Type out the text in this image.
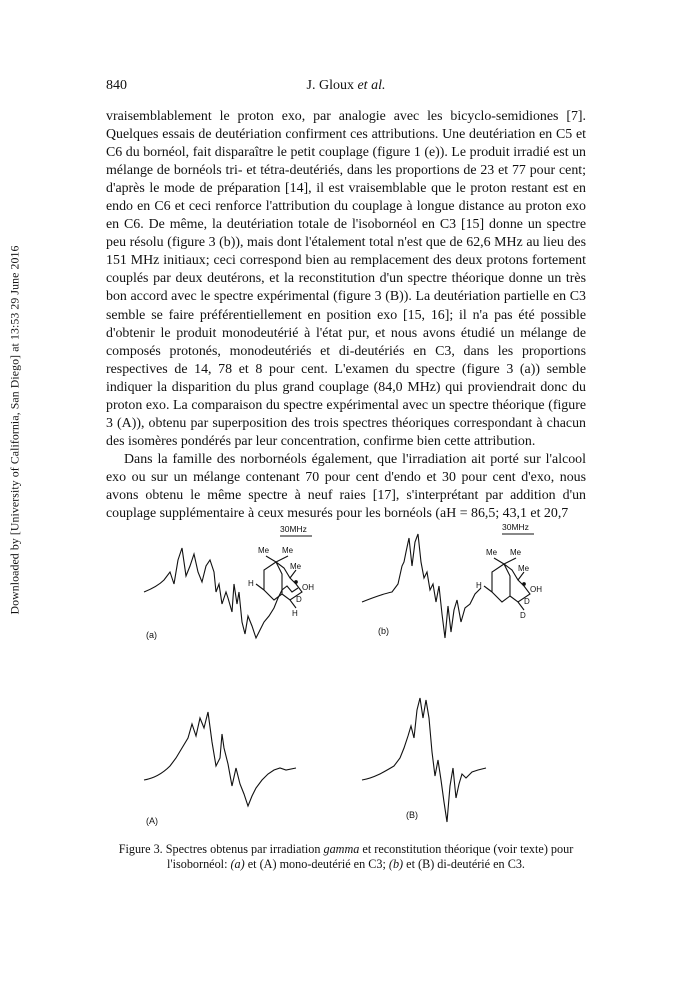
Downloaded by [University of California, San Diego] at 13:53 29 June 2016
840	J. Gloux et al.

vraisemblablement le proton exo, par analogie avec les bicyclo-semidiones [7]. Quelques essais de deutériation confirment ces attributions. Une deutériation en C5 et C6 du bornéol, fait disparaître le petit couplage (figure 1 (e)). Le produit irradié est un mélange de bornéols tri- et tétra-deutériés, dans les proportions de 23 et 77 pour cent; d'après le mode de préparation [14], il est vraisemblable que le proton restant est en endo en C6 et ceci renforce l'attribution du couplage à longue distance au proton exo en C6. De même, la deutériation totale de l'isobornéol en C3 [15] donne un spectre peu résolu (figure 3 (b)), mais dont l'étalement total n'est que de 62,6 MHz au lieu des 151 MHz initiaux; ceci correspond bien au remplacement des deux protons fortement couplés par deux deutérons, et la reconstitution d'un spectre théorique donne un très bon accord avec le spectre expérimental (figure 3 (B)). La deutériation partielle en C3 semble se faire préférentiellement en position exo [15, 16]; il n'a pas été possible d'obtenir le produit monodeutérié à l'état pur, et nous avons étudié un mélange de composés protonés, monodeutériés et di-deutériés en C3, dans les proportions respectives de 14, 78 et 8 pour cent. L'examen du spectre (figure 3 (a)) semble indiquer la disparition du plus grand couplage (84,0 MHz) qui proviendrait donc du proton exo. La comparaison du spectre expérimental avec un spectre théorique (figure 3 (A)), obtenu par superposition des trois spectres théoriques correspondant à chacun des isomères pondérés par leur concentration, confirme bien cette attribution.

Dans la famille des norbornéols également, que l'irradiation ait porté sur l'alcool exo ou sur un mélange contenant 70 pour cent d'endo et 30 pour cent d'exo, nous avons obtenu le même spectre à neuf raies [17], s'interprétant par addition d'un couplage supplémentaire à ceux mesurés pour les bornéols (aH = 86,5; 43,1 et 20,7

Me Me
Me
H	OH
D
H
Me Me
Me
H	OH
D
D
30MHz	30MHz
(a)	(b)
(A)
(B)
Figure 3. Spectres obtenus par irradiation gamma et reconstitution théorique (voir texte) pour l'isobornéol: (a) et (A) mono-deutérié en C3; (b) et (B) di-deutérié en C3.
